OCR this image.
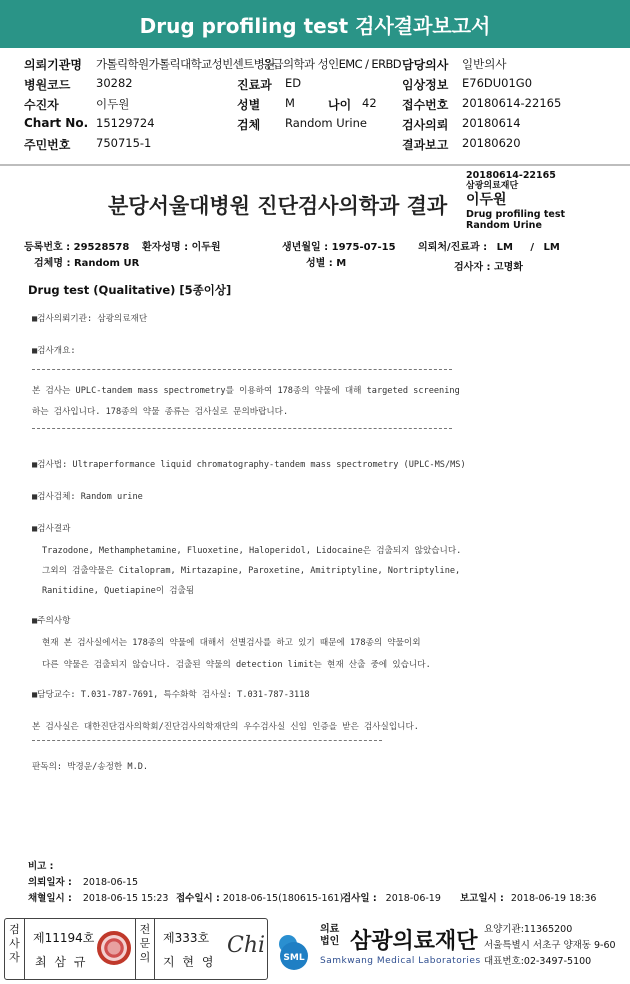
Drug profiling test 검사결과보고서
의뢰기관명 가톨릭학원가톨릭대학교성빈센트병원
응급의학과 성인EMC / ERBD 담당의사 일반의사
병원코드 30282	진료과 ED	임상정보 E76DU01G0
수진자	이두원	성별 M	나이 42 접수번호 20180614-22165
Chart No. 15129724	검체 Random Urine	검사의뢰 20180614
주민번호 750715-1	결과보고 20180620
20180614-22165
삼광의료재단
이두원
Drug profiling test
Random Urine
분당서울대병원 진단검사의학과 결과
등록번호 : 29528578 환자성명 : 이두원	생년월일 : 1975-07-15 의뢰처/진료과 : LM / LM
검체명 : Random UR	성별 : M	검사자 : 고명화
Drug test (Qualitative) [5종이상]
■검사의뢰기관: 삼광의료재단
■검사개요:
본 검사는 UPLC-tandem mass spectrometry를 이용하여 178종의 약물에 대해 targeted screening
하는 검사입니다. 178종의 약물 종류는 검사실로 문의바랍니다.
■검사법: Ultraperformance liquid chromatography-tandem mass spectrometry (UPLC-MS/MS)
■검사검체: Random urine
■검사결과
Trazodone, Methamphetamine, Fluoxetine, Haloperidol, Lidocaine은 검출되지 않았습니다.
그외의 검출약물은 Citalopram, Mirtazapine, Paroxetine, Amitriptyline, Nortriptyline,
Ranitidine, Quetiapine이 검출됨
■주의사항
현재 본 검사실에서는 178종의 약물에 대해서 선별검사를 하고 있기 때문에 178종의 약물이외
다른 약물은 검출되지 않습니다. 검출된 약물의 detection limit는 현재 산출 중에 있습니다.
■담당교수: T.031-787-7691, 특수화학 검사실: T.031-787-3118
본 검사실은 대한진단검사의학회/진단검사의학재단의 우수검사실 신임 인증을 받은 검사실입니다.
판독의: 박경운/송정한 M.D.
비고 :
의뢰일자 : 2018-06-15
채혈일시 : 2018-06-15 15:23 접수일시 : 2018-06-15(180615-161)
검사일 : 2018-06-19 보고일시 : 2018-06-19 18:36
검사자
제11194호
최 삼 규
전문의
제333호
지 현 영
Chi SML
의료법인 삼광의료재단
Samkwang Medical Laboratories
요양기관:11365200
서울특별시 서초구 양재동 9-60
대표번호:02-3497-5100
